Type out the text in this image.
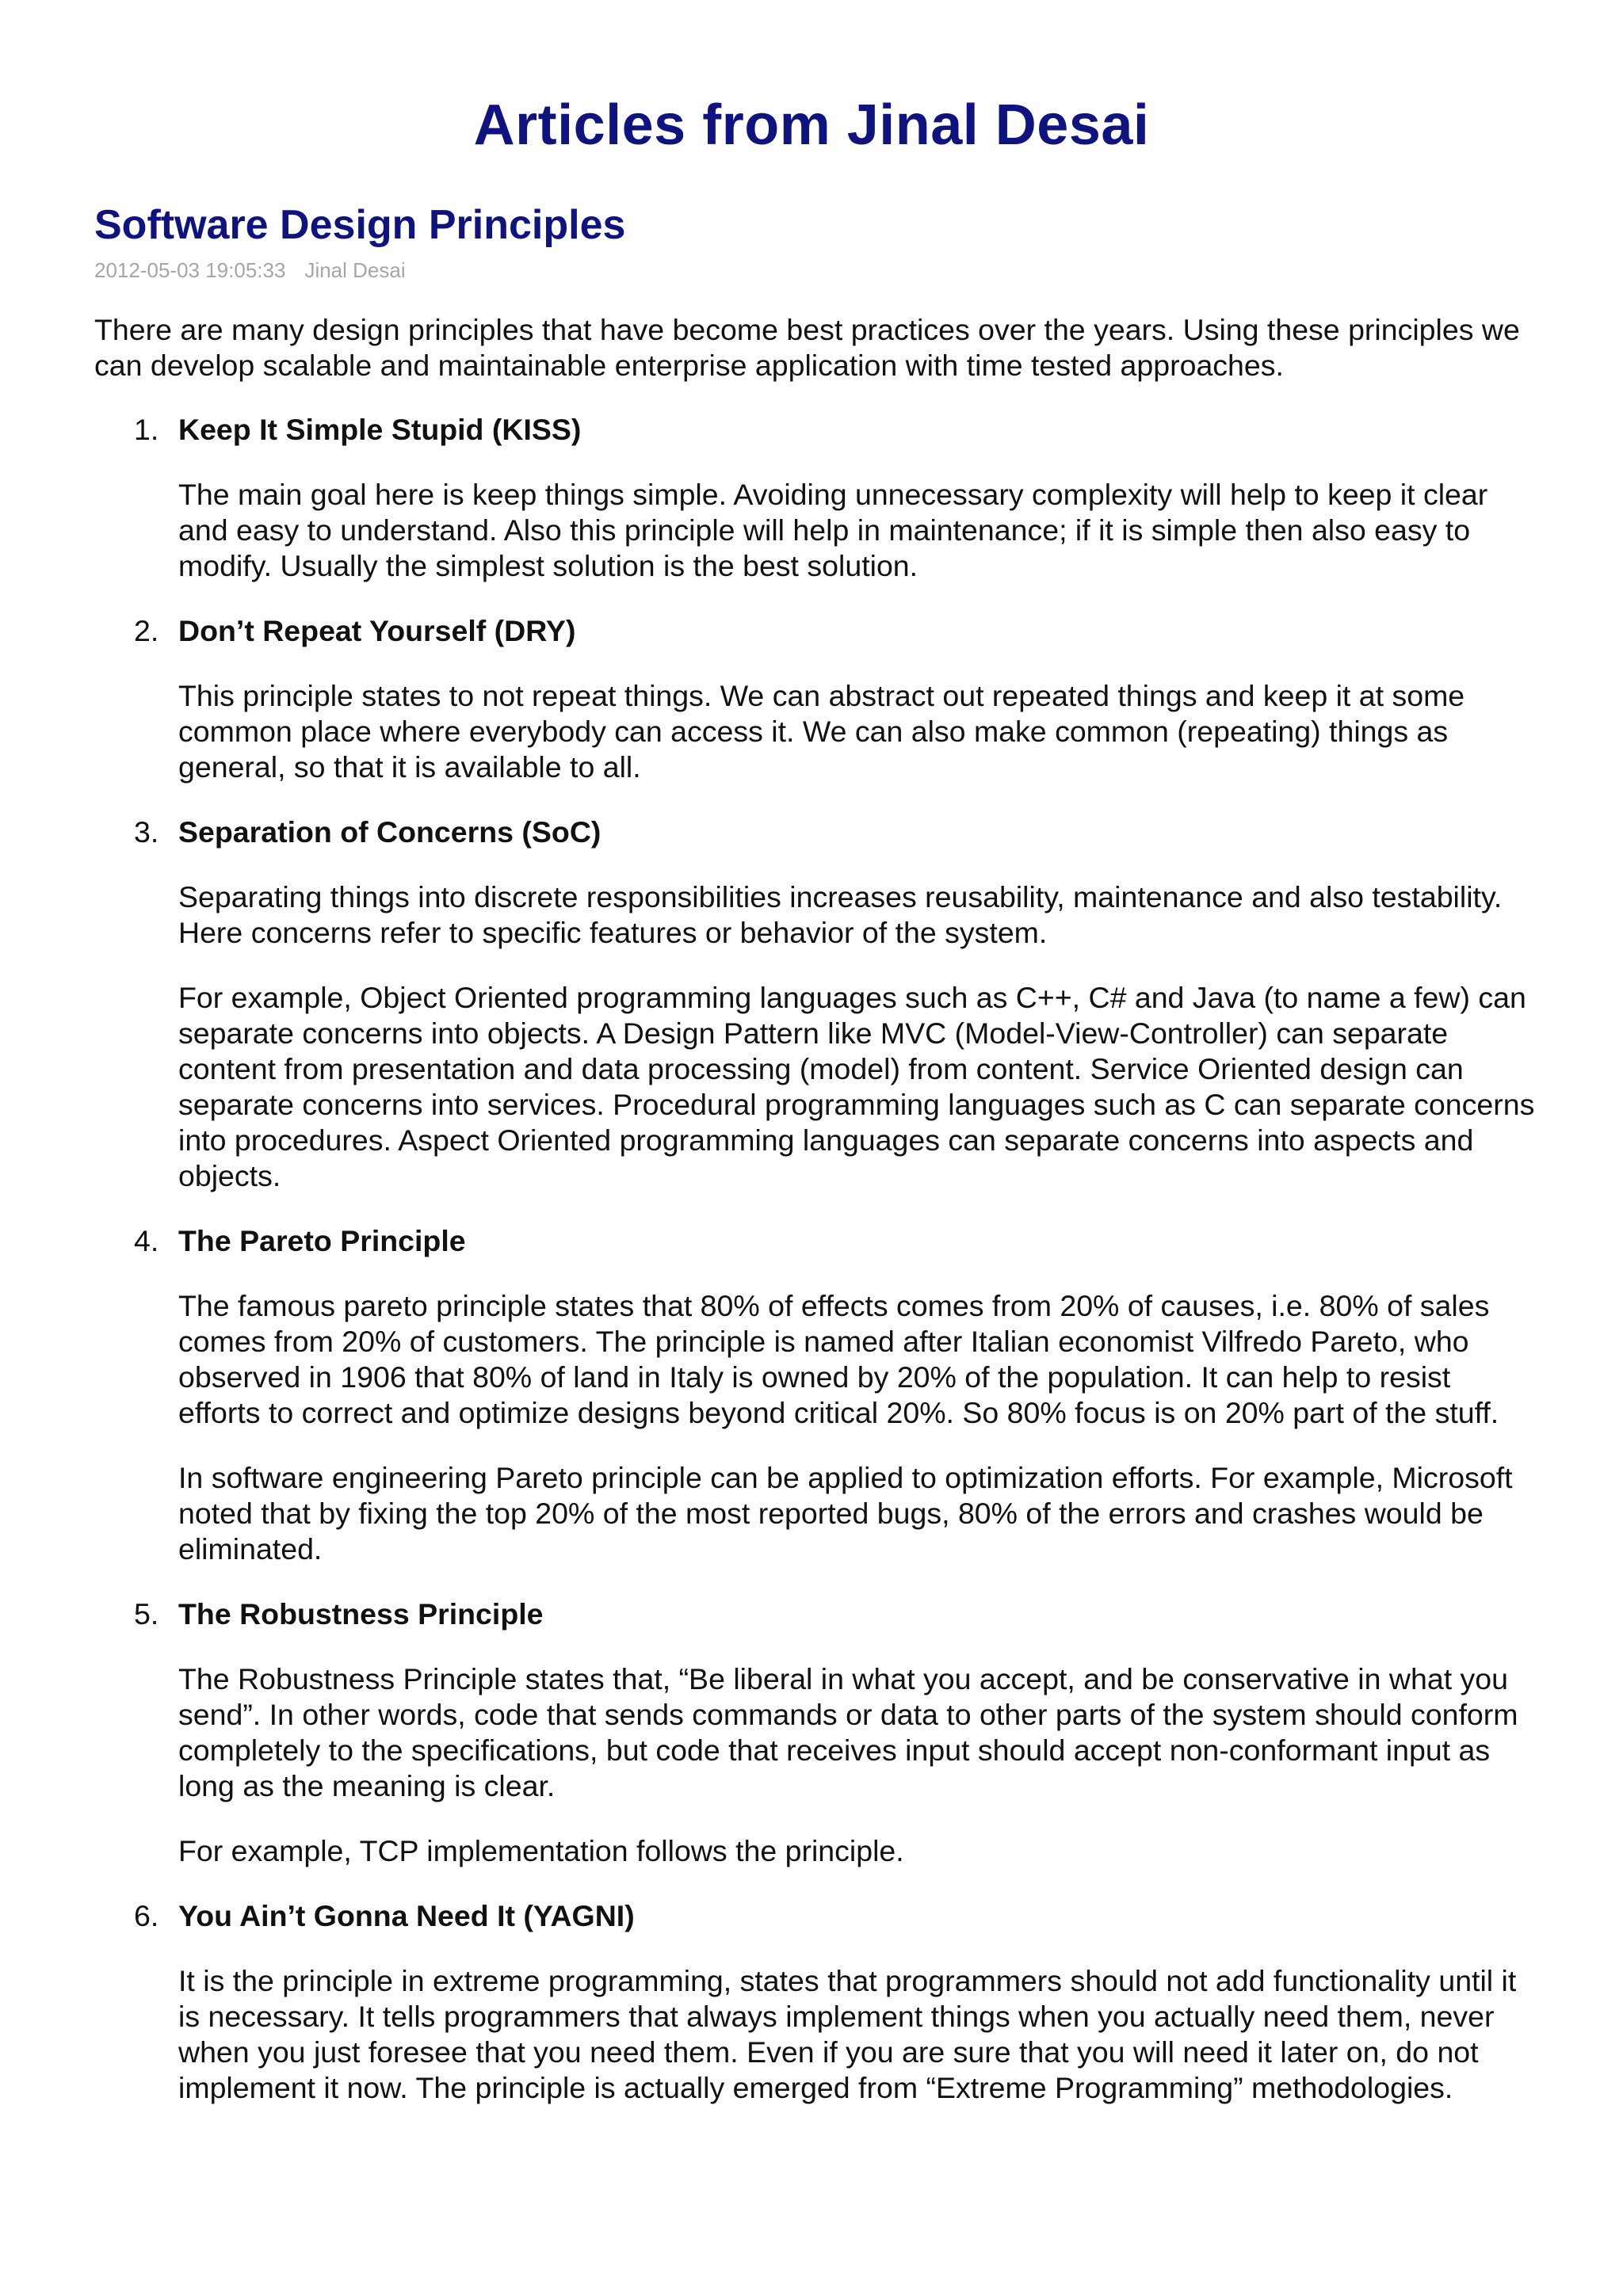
Articles from Jinal Desai
Software Design Principles
2012-05-03 19:05:33 Jinal Desai

There are many design principles that have become best practices over the years. Using these principles we can develop scalable and maintainable enterprise application with time tested approaches.

1. Keep It Simple Stupid (KISS)

The main goal here is keep things simple. Avoiding unnecessary complexity will help to keep it clear and easy to understand. Also this principle will help in maintenance; if it is simple then also easy to modify. Usually the simplest solution is the best solution.

2. Don’t Repeat Yourself (DRY)

This principle states to not repeat things. We can abstract out repeated things and keep it at some common place where everybody can access it. We can also make common (repeating) things as general, so that it is available to all.

3. Separation of Concerns (SoC)

Separating things into discrete responsibilities increases reusability, maintenance and also testability. Here concerns refer to specific features or behavior of the system.

For example, Object Oriented programming languages such as C++, C# and Java (to name a few) can separate concerns into objects. A Design Pattern like MVC (Model-View-Controller) can separate content from presentation and data processing (model) from content. Service Oriented design can separate concerns into services. Procedural programming languages such as C can separate concerns into procedures. Aspect Oriented programming languages can separate concerns into aspects and objects.

4. The Pareto Principle

The famous pareto principle states that 80% of effects comes from 20% of causes, i.e. 80% of sales comes from 20% of customers. The principle is named after Italian economist Vilfredo Pareto, who observed in 1906 that 80% of land in Italy is owned by 20% of the population. It can help to resist efforts to correct and optimize designs beyond critical 20%. So 80% focus is on 20% part of the stuff.

In software engineering Pareto principle can be applied to optimization efforts. For example, Microsoft noted that by fixing the top 20% of the most reported bugs, 80% of the errors and crashes would be eliminated.

5. The Robustness Principle

The Robustness Principle states that, “Be liberal in what you accept, and be conservative in what you send”. In other words, code that sends commands or data to other parts of the system should conform completely to the specifications, but code that receives input should accept non-conformant input as long as the meaning is clear.

For example, TCP implementation follows the principle.

6. You Ain’t Gonna Need It (YAGNI)

It is the principle in extreme programming, states that programmers should not add functionality until it is necessary. It tells programmers that always implement things when you actually need them, never when you just foresee that you need them. Even if you are sure that you will need it later on, do not implement it now. The principle is actually emerged from “Extreme Programming” methodologies.
